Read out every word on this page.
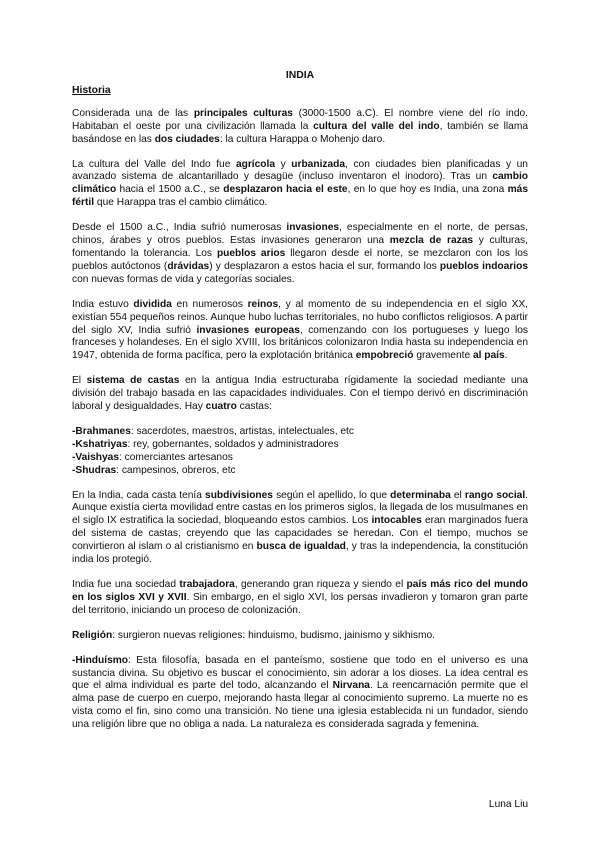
INDIA
Historia

Considerada una de las principales culturas (3000-1500 a.C). El nombre viene del río indo. Habitaban el oeste por una civilización llamada la cultura del valle del indo, también se llama basándose en las dos ciudades: la cultura Harappa o Mohenjo daro.

La cultura del Valle del Indo fue agrícola y urbanizada, con ciudades bien planificadas y un avanzado sistema de alcantarillado y desagüe (incluso inventaron el inodoro). Tras un cambio climático hacia el 1500 a.C., se desplazaron hacia el este, en lo que hoy es India, una zona más fértil que Harappa tras el cambio climático.

Desde el 1500 a.C., India sufrió numerosas invasiones, especialmente en el norte, de persas, chinos, árabes y otros pueblos. Estas invasiones generaron una mezcla de razas y culturas, fomentando la tolerancia. Los pueblos arios llegaron desde el norte, se mezclaron con los los pueblos autóctonos (drávidas) y desplazaron a estos hacia el sur, formando los pueblos indoarios con nuevas formas de vida y categorías sociales.

India estuvo dividida en numerosos reinos, y al momento de su independencia en el siglo XX, existían 554 pequeños reinos. Aunque hubo luchas territoriales, no hubo conflictos religiosos. A partir del siglo XV, India sufrió invasiones europeas, comenzando con los portugueses y luego los franceses y holandeses. En el siglo XVIII, los británicos colonizaron India hasta su independencia en 1947, obtenida de forma pacífica, pero la explotación británica empobreció gravemente al país.

El sistema de castas en la antigua India estructuraba rígidamente la sociedad mediante una división del trabajo basada en las capacidades individuales. Con el tiempo derivó en discriminación laboral y desigualdades. Hay cuatro castas:

-Brahmanes: sacerdotes, maestros, artistas, intelectuales, etc

-Kshatriyas: rey, gobernantes, soldados y administradores

-Vaishyas: comerciantes artesanos

-Shudras: campesinos, obreros, etc

En la India, cada casta tenía subdivisiones según el apellido, lo que determinaba el rango social. Aunque existía cierta movilidad entre castas en los primeros siglos, la llegada de los musulmanes en el siglo IX estratifica la sociedad, bloqueando estos cambios. Los intocables eran marginados fuera del sistema de castas, creyendo que las capacidades se heredan. Con el tiempo, muchos se convirtieron al islam o al cristianismo en busca de igualdad, y tras la independencia, la constitución india los protegió.

India fue una sociedad trabajadora, generando gran riqueza y siendo el país más rico del mundo en los siglos XVI y XVII. Sin embargo, en el siglo XVI, los persas invadieron y tomaron gran parte del territorio, iniciando un proceso de colonización.

Religión: surgieron nuevas religiones: hinduismo, budismo, jainismo y sikhismo.

-Hinduísmo: Esta filosofía, basada en el panteísmo, sostiene que todo en el universo es una sustancia divina. Su objetivo es buscar el conocimiento, sin adorar a los dioses. La idea central es que el alma individual es parte del todo, alcanzando el Nirvana. La reencarnación permite que el alma pase de cuerpo en cuerpo, mejorando hasta llegar al conocimiento supremo. La muerte no es vista como el fin, sino como una transición. No tiene una iglesia establecida ni un fundador, siendo una religión libre que no obliga a nada. La naturaleza es considerada sagrada y femenina.

Luna Liu
